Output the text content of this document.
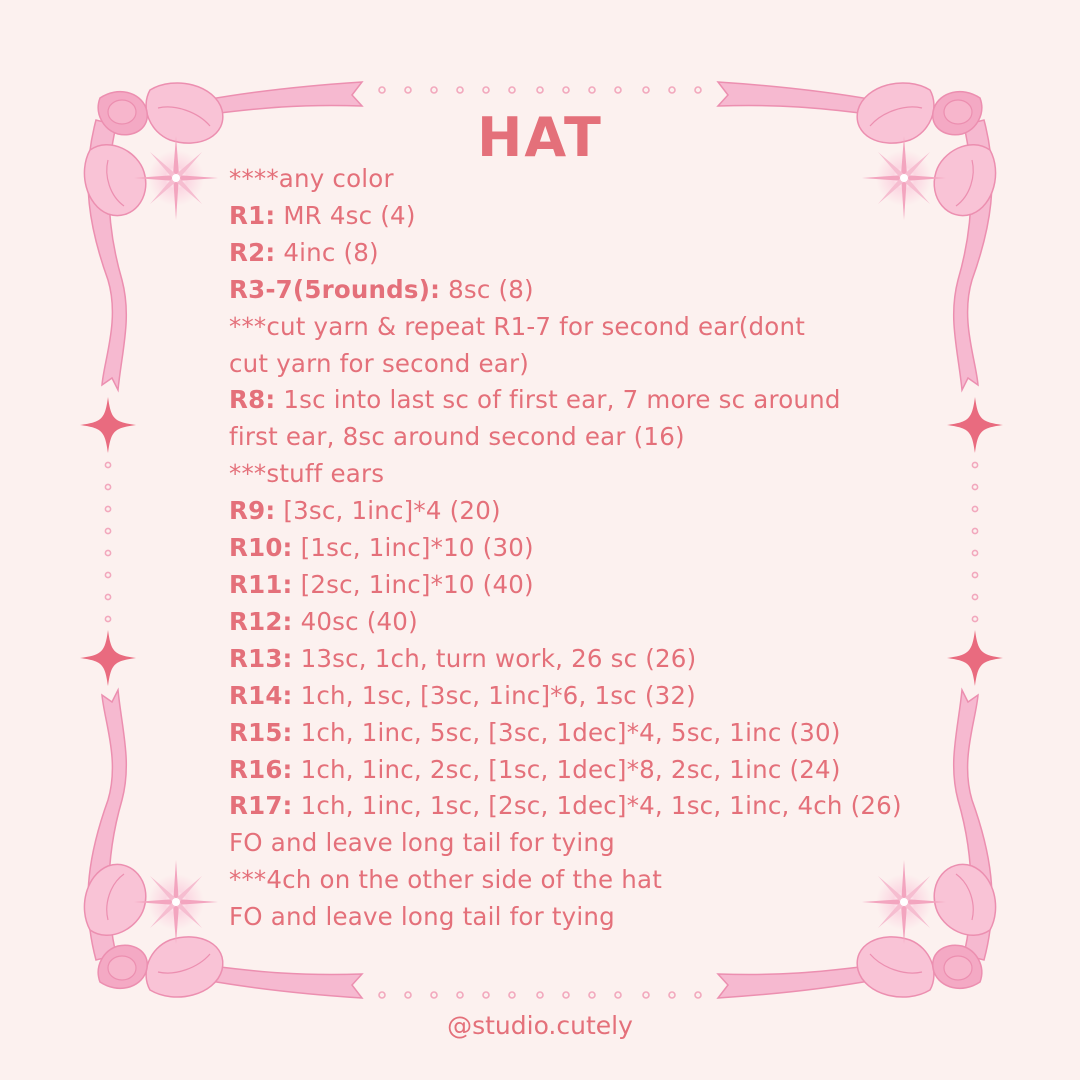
HAT
****any color
R1: MR 4sc (4)
R2: 4inc (8)
R3-7(5rounds): 8sc (8)
***cut yarn & repeat R1-7 for second ear(dont
cut yarn for second ear)
R8: 1sc into last sc of first ear, 7 more sc around
first ear, 8sc around second ear (16)
***stuff ears
R9: [3sc, 1inc]*4 (20)
R10: [1sc, 1inc]*10 (30)
R11: [2sc, 1inc]*10 (40)
R12: 40sc (40)
R13: 13sc, 1ch, turn work, 26 sc (26)
R14: 1ch, 1sc, [3sc, 1inc]*6, 1sc (32)
R15: 1ch, 1inc, 5sc, [3sc, 1dec]*4, 5sc, 1inc (30)
R16: 1ch, 1inc, 2sc, [1sc, 1dec]*8, 2sc, 1inc (24)
R17: 1ch, 1inc, 1sc, [2sc, 1dec]*4, 1sc, 1inc, 4ch (26)
FO and leave long tail for tying
***4ch on the other side of the hat
FO and leave long tail for tying
@studio.cutely
